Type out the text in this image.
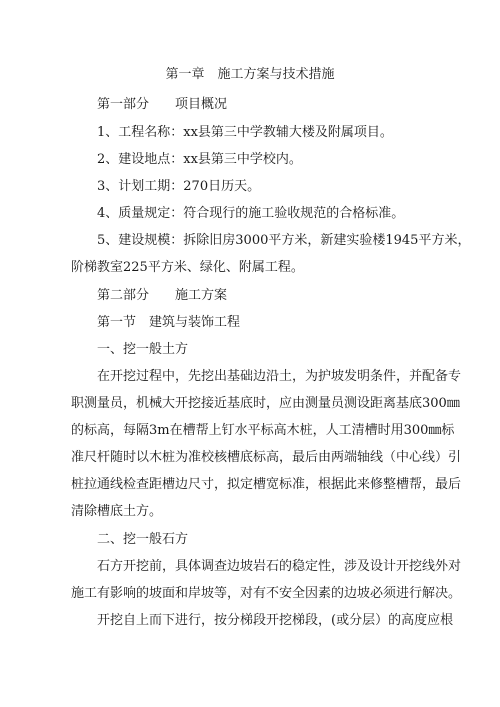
第一章　施工方案与技术措施
第一部分　　项目概况
1、工程名称：xx县第三中学教辅大楼及附属项目。
2、建设地点：xx县第三中学校内。
3、计划工期：270日历天。
4、质量规定：符合现行的施工验收规范的合格标准。
5、建设规模：拆除旧房3000平方米，新建实验楼1945平方米，
阶梯教室225平方米、绿化、附属工程。
第二部分　　施工方案
第一节　建筑与装饰工程
一、挖一般土方
在开挖过程中，先挖出基础边沿土，为护坡发明条件，并配备专
职测量员，机械大开挖接近基底时，应由测量员测设距离基底300㎜
的标高，每隔3m在槽帮上钉水平标高木桩，人工清槽时用300㎜标
准尺杆随时以木桩为准校核槽底标高，最后由两端轴线（中心线）引
桩拉通线检查距槽边尺寸，拟定槽宽标准，根据此来修整槽帮，最后
清除槽底土方。
二、挖一般石方
石方开挖前，具体调查边坡岩石的稳定性，涉及设计开挖线外对
施工有影响的坡面和岸坡等，对有不安全因素的边坡必须进行解决。
开挖自上而下进行，按分梯段开挖梯段，(或分层）的高度应根
